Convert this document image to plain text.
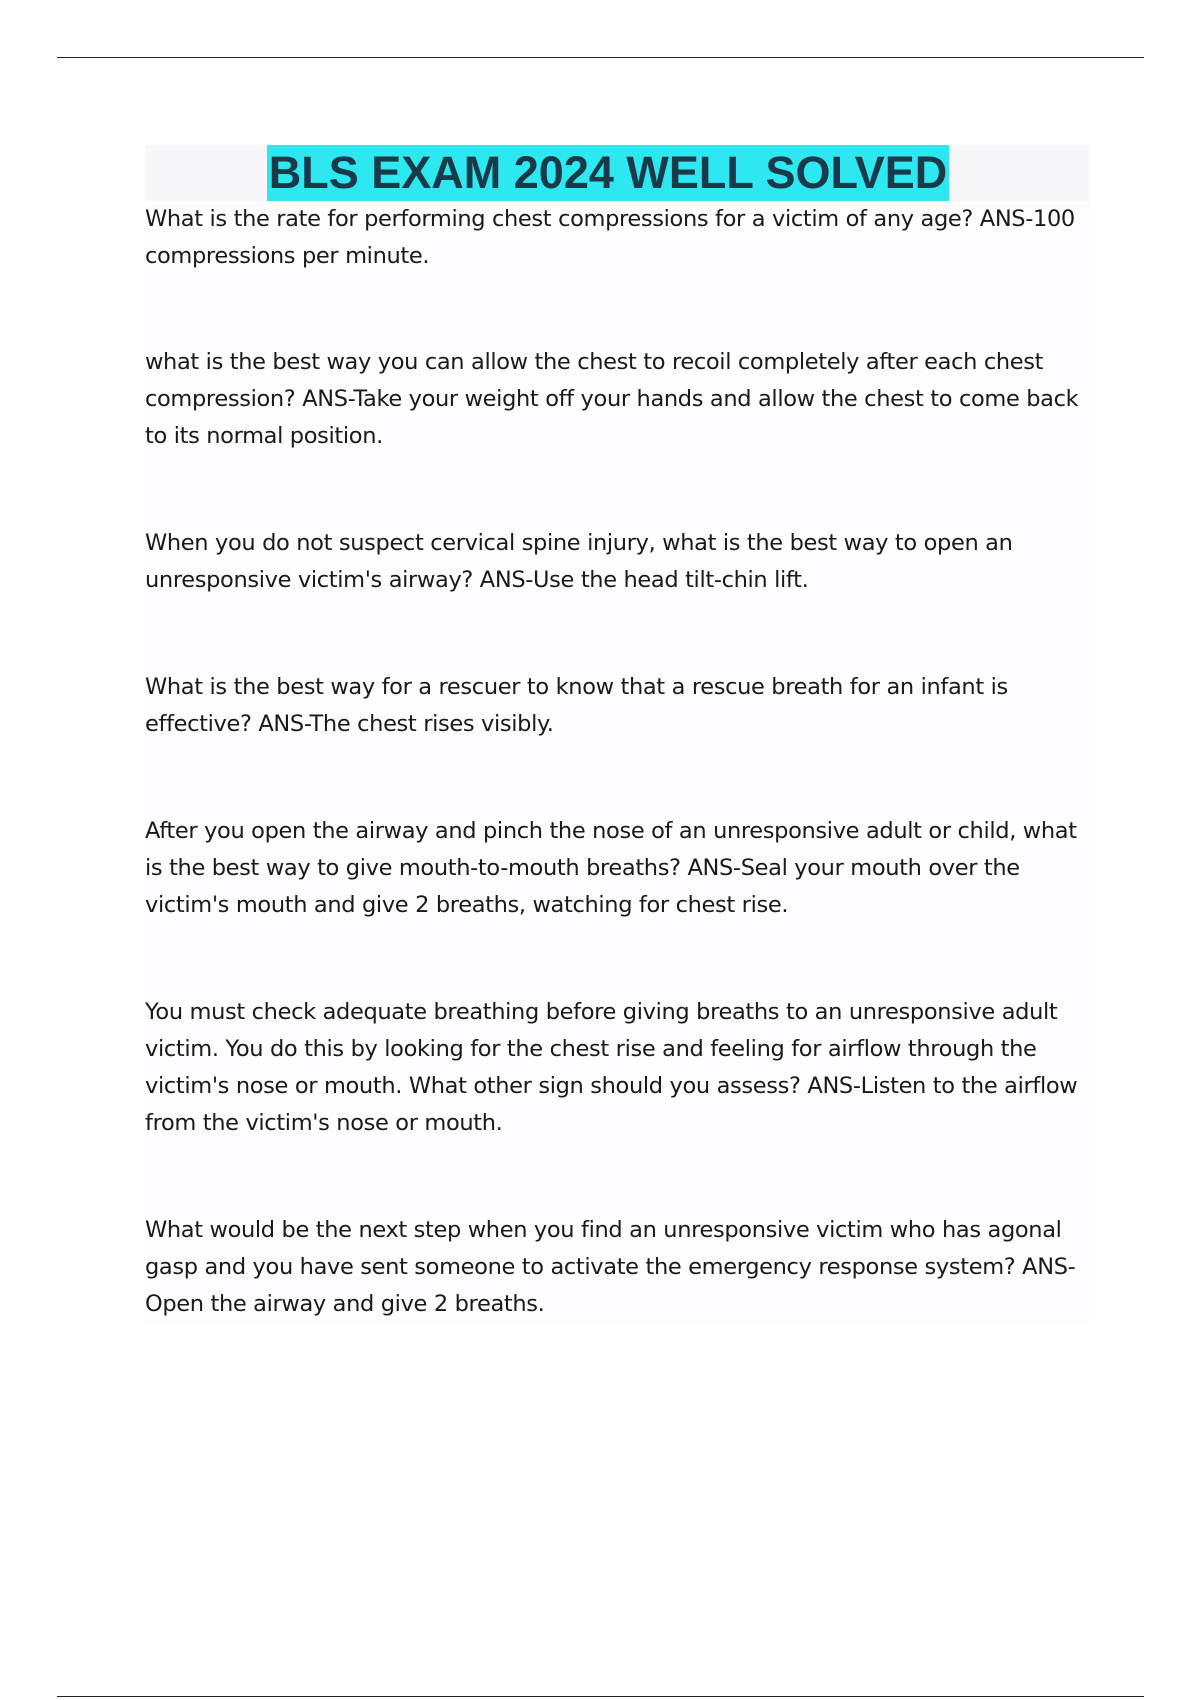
BLS EXAM 2024 WELL SOLVED

What is the rate for performing chest compressions for a victim of any age? ANS-100 compressions per minute.

what is the best way you can allow the chest to recoil completely after each chest compression? ANS-Take your weight off your hands and allow the chest to come back to its normal position.

When you do not suspect cervical spine injury, what is the best way to open an unresponsive victim's airway? ANS-Use the head tilt-chin lift.

What is the best way for a rescuer to know that a rescue breath for an infant is effective? ANS-The chest rises visibly.

After you open the airway and pinch the nose of an unresponsive adult or child, what is the best way to give mouth-to-mouth breaths? ANS-Seal your mouth over the victim's mouth and give 2 breaths, watching for chest rise.

You must check adequate breathing before giving breaths to an unresponsive adult victim. You do this by looking for the chest rise and feeling for airflow through the victim's nose or mouth. What other sign should you assess? ANS-Listen to the airflow from the victim's nose or mouth.

What would be the next step when you find an unresponsive victim who has agonal gasp and you have sent someone to activate the emergency response system? ANS-Open the airway and give 2 breaths.
